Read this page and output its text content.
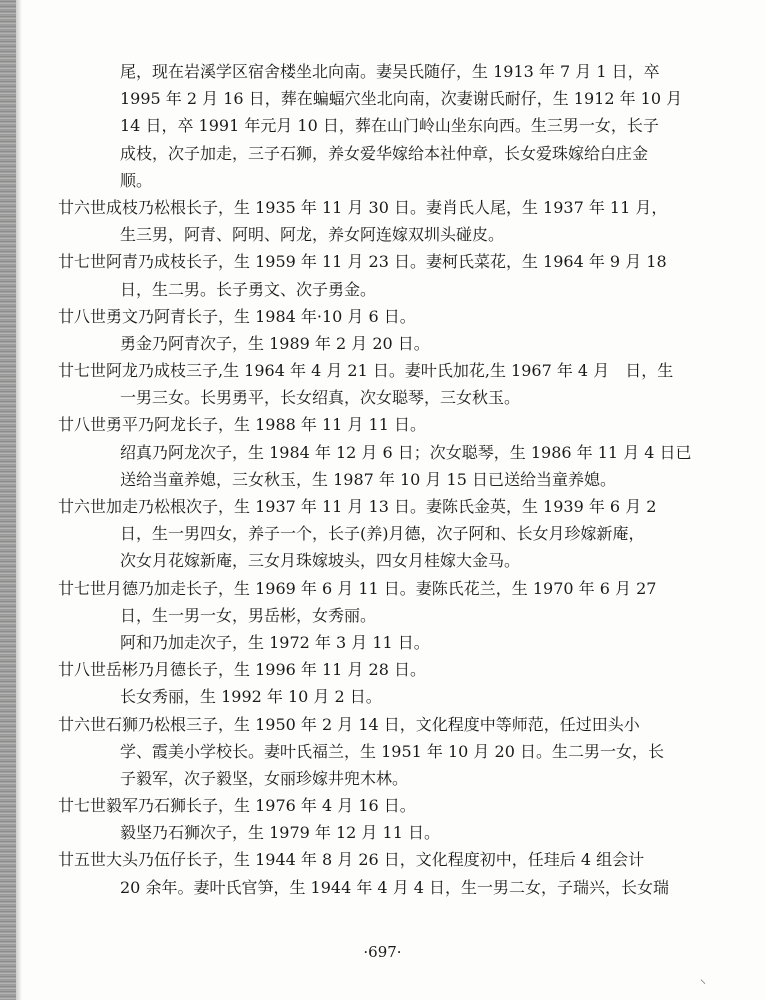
尾，现在岩溪学区宿舍楼坐北向南。妻吴氏随仔，生 1913 年 7 月 1 日，卒
1995 年 2 月 16 日，葬在蝙蝠穴坐北向南，次妻谢氏耐仔，生 1912 年 10 月
14 日，卒 1991 年元月 10 日，葬在山门岭山坐东向西。生三男一女，长子
成枝，次子加走，三子石狮，养女爱华嫁给本社仲章，长女爱珠嫁给白庄金
顺。
廿六世成枝乃松根长子，生 1935 年 11 月 30 日。妻肖氏人尾，生 1937 年 11 月，
生三男，阿青、阿明、阿龙，养女阿连嫁双圳头碰皮。
廿七世阿青乃成枝长子，生 1959 年 11 月 23 日。妻柯氏菜花，生 1964 年 9 月 18
日，生二男。长子勇文、次子勇金。
廿八世勇文乃阿青长子，生 1984 年·10 月 6 日。
勇金乃阿青次子，生 1989 年 2 月 20 日。
廿七世阿龙乃成枝三子,生 1964 年 4 月 21 日。妻叶氏加花,生 1967 年 4 月　日，生
一男三女。长男勇平，长女绍真，次女聪琴，三女秋玉。
廿八世勇平乃阿龙长子，生 1988 年 11 月 11 日。
绍真乃阿龙次子，生 1984 年 12 月 6 日；次女聪琴，生 1986 年 11 月 4 日已
送给当童养媳，三女秋玉，生 1987 年 10 月 15 日已送给当童养媳。
廿六世加走乃松根次子，生 1937 年 11 月 13 日。妻陈氏金英，生 1939 年 6 月 2
日，生一男四女，养子一个，长子(养)月德，次子阿和、长女月珍嫁新庵，
次女月花嫁新庵，三女月珠嫁坡头，四女月桂嫁大金马。
廿七世月德乃加走长子，生 1969 年 6 月 11 日。妻陈氏花兰，生 1970 年 6 月 27
日，生一男一女，男岳彬，女秀丽。
阿和乃加走次子，生 1972 年 3 月 11 日。
廿八世岳彬乃月德长子，生 1996 年 11 月 28 日。
长女秀丽，生 1992 年 10 月 2 日。
廿六世石狮乃松根三子，生 1950 年 2 月 14 日，文化程度中等师范，任过田头小
学、霞美小学校长。妻叶氏福兰，生 1951 年 10 月 20 日。生二男一女，长
子毅军，次子毅坚，女丽珍嫁井兜木林。
廿七世毅军乃石狮长子，生 1976 年 4 月 16 日。
毅坚乃石狮次子，生 1979 年 12 月 11 日。
廿五世大头乃伍仔长子，生 1944 年 8 月 26 日，文化程度初中，任珪后 4 组会计
20 余年。妻叶氏官笋，生 1944 年 4 月 4 日，生一男二女，子瑞兴，长女瑞
·697·
⸌
